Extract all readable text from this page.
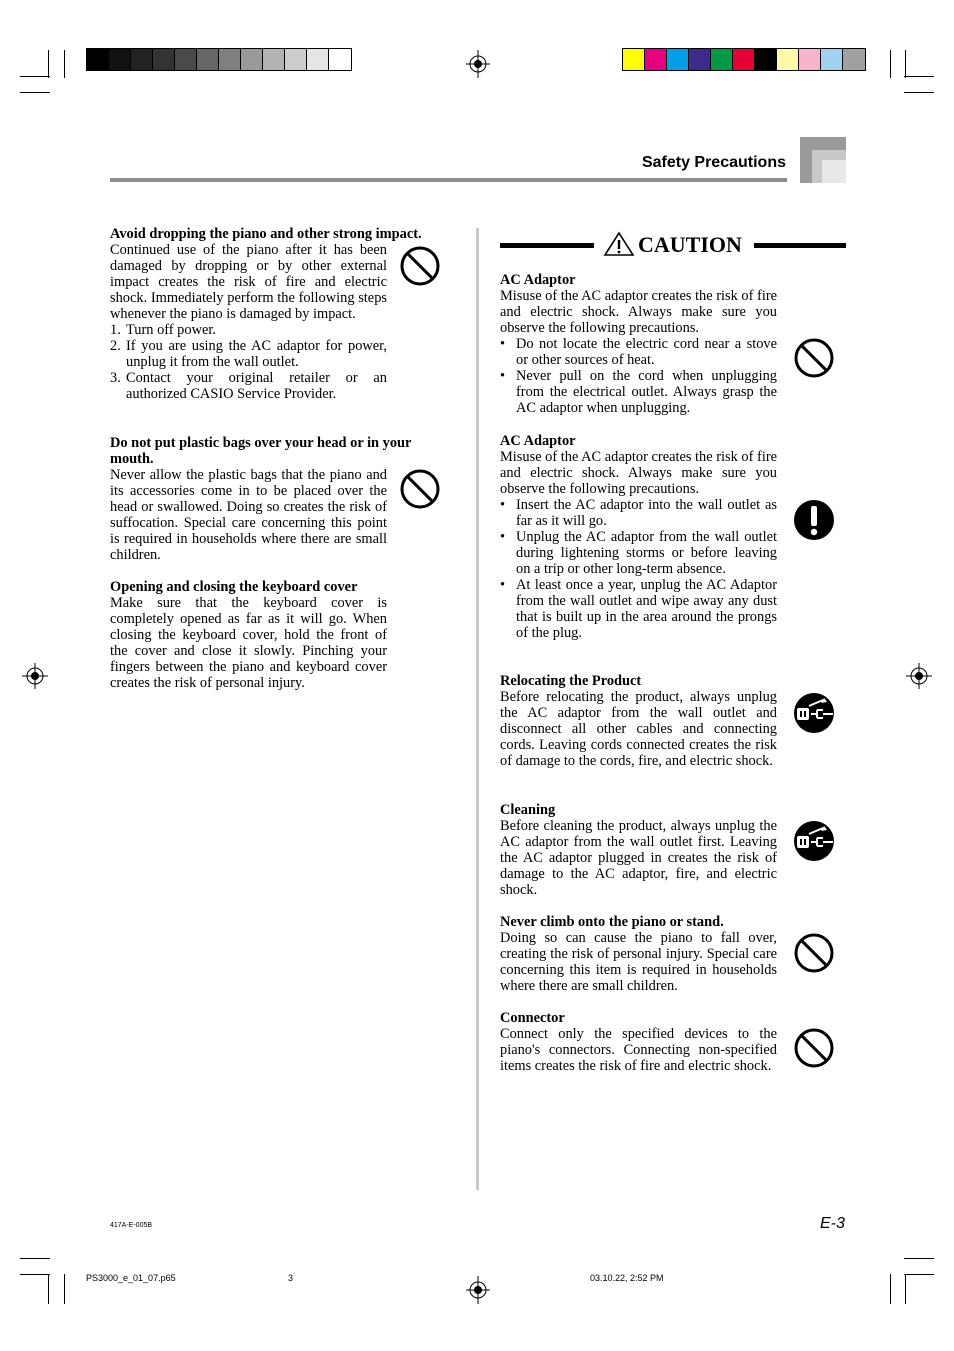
Safety Precautions
Avoid dropping the piano and other strong impact.

Continued use of the piano after it has been damaged by dropping or by other external impact creates the risk of fire and electric shock. Immediately perform the following steps whenever the piano is damaged by impact.

1. Turn off power.
2. If you are using the AC adaptor for power, unplug it from the wall outlet.
3. Contact your original retailer or an authorized CASIO Service Provider.
Do not put plastic bags over your head or in your mouth.

Never allow the plastic bags that the piano and its accessories come in to be placed over the head or swallowed. Doing so creates the risk of suffocation. Special care concerning this point is required in households where there are small children.

Opening and closing the keyboard cover

Make sure that the keyboard cover is completely opened as far as it will go. When closing the keyboard cover, hold the front of the cover and close it slowly. Pinching your fingers between the piano and keyboard cover creates the risk of personal injury.

CAUTION
AC Adaptor

Misuse of the AC adaptor creates the risk of fire and electric shock. Always make sure you observe the following precautions.

• Do not locate the electric cord near a stove or other sources of heat.
• Never pull on the cord when unplugging from the electrical outlet. Always grasp the AC adaptor when unplugging.
AC Adaptor

Misuse of the AC adaptor creates the risk of fire and electric shock. Always make sure you observe the following precautions.

• Insert the AC adaptor into the wall outlet as far as it will go.
• Unplug the AC adaptor from the wall outlet during lightening storms or before leaving on a trip or other long-term absence.
• At least once a year, unplug the AC Adaptor from the wall outlet and wipe away any dust that is built up in the area around the prongs of the plug.
Relocating the Product

Before relocating the product, always unplug the AC adaptor from the wall outlet and disconnect all other cables and connecting cords. Leaving cords connected creates the risk of damage to the cords, fire, and electric shock.

Cleaning

Before cleaning the product, always unplug the AC adaptor from the wall outlet first. Leaving the AC adaptor plugged in creates the risk of damage to the AC adaptor, fire, and electric shock.

Never climb onto the piano or stand.

Doing so can cause the piano to fall over, creating the risk of personal injury. Special care concerning this item is required in households where there are small children.

Connector

Connect only the specified devices to the piano's connectors. Connecting non-specified items creates the risk of fire and electric shock.

417A-E-005B	E-3
PS3000_e_01_07.p65	3	03.10.22, 2:52 PM
